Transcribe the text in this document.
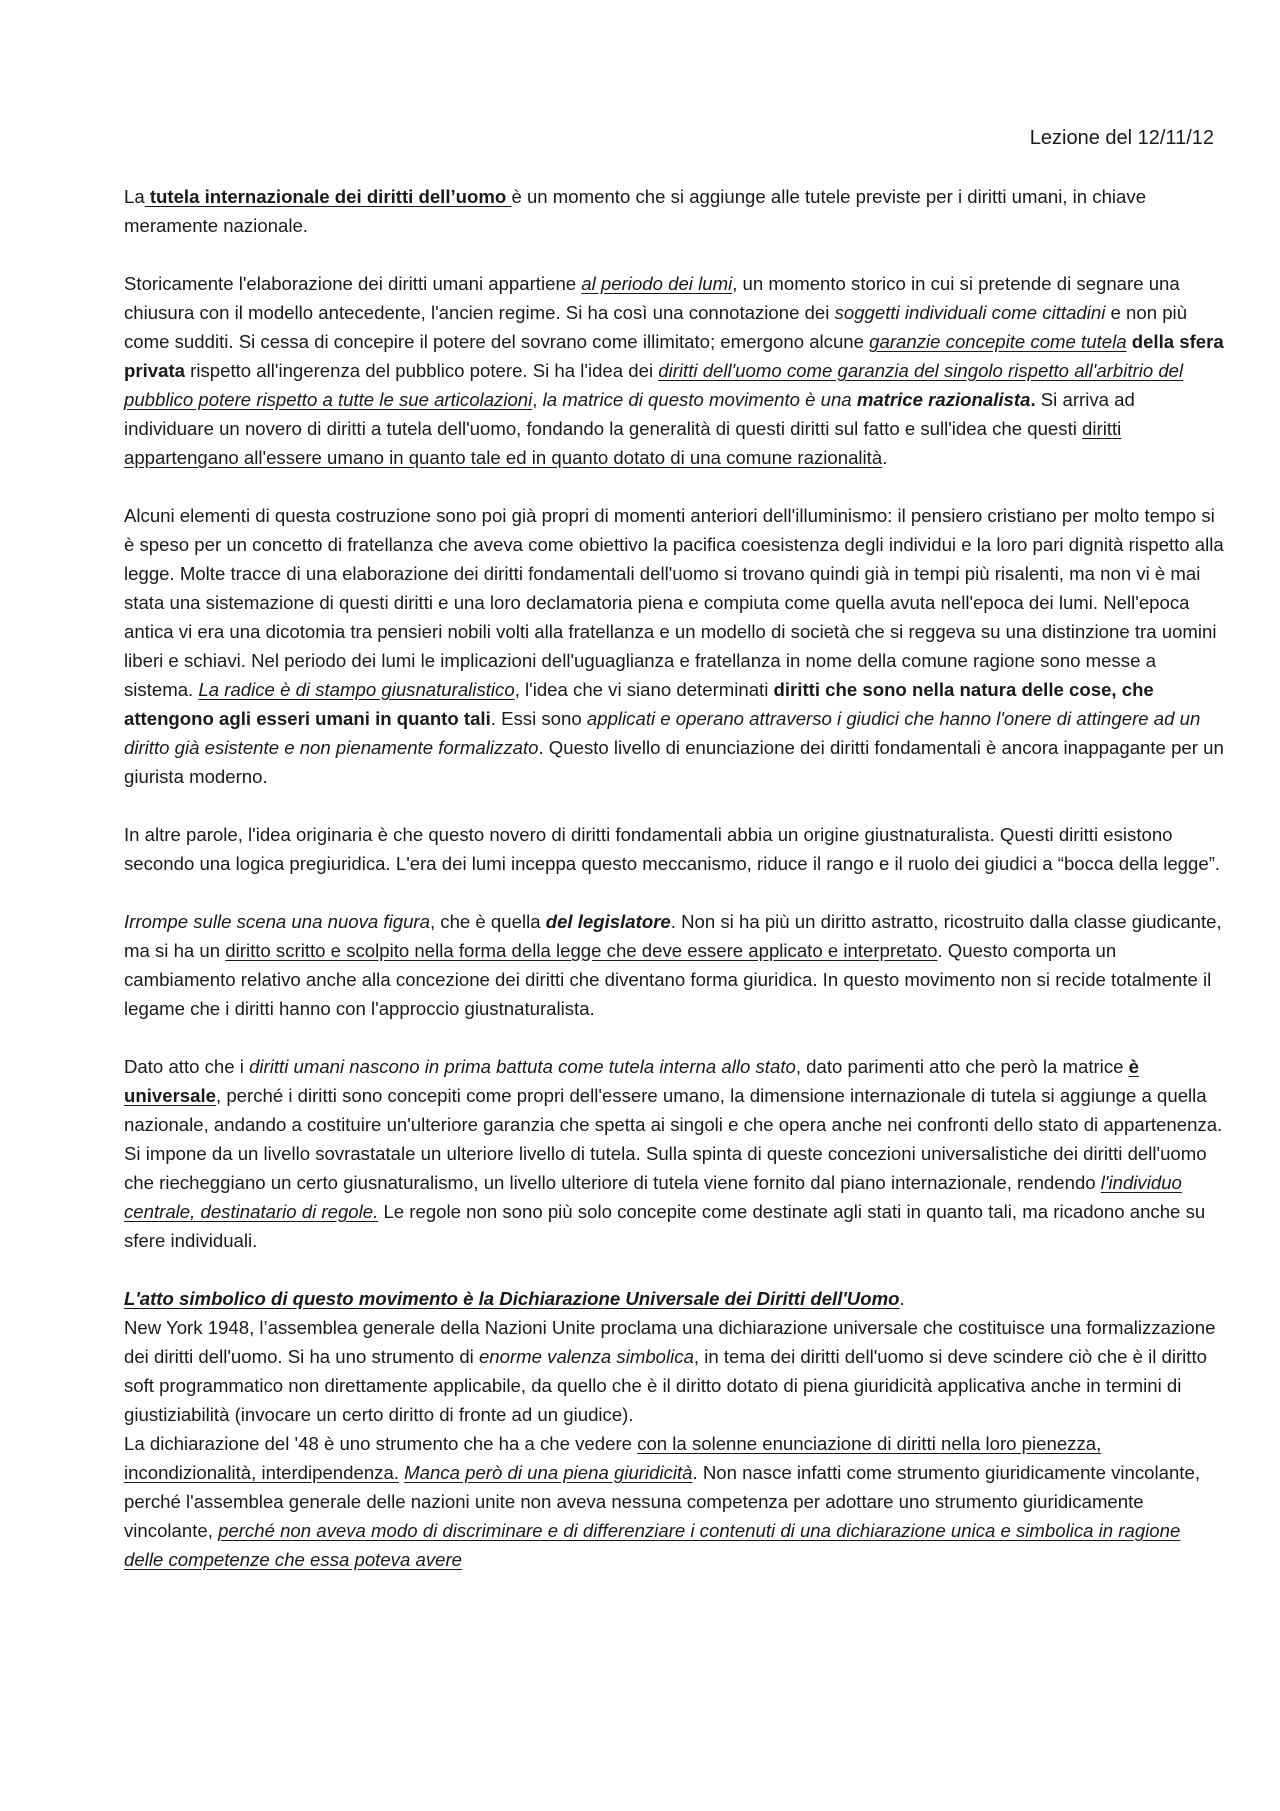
Lezione del 12/11/12

La tutela internazionale dei diritti dell’uomo è un momento che si aggiunge alle tutele previste per i diritti umani, in chiave meramente nazionale.

Storicamente l'elaborazione dei diritti umani appartiene al periodo dei lumi, un momento storico in cui si pretende di segnare una chiusura con il modello antecedente, l'ancien regime. Si ha così una connotazione dei soggetti individuali come cittadini e non più come sudditi. Si cessa di concepire il potere del sovrano come illimitato; emergono alcune garanzie concepite come tutela della sfera privata rispetto all'ingerenza del pubblico potere. Si ha l'idea dei diritti dell'uomo come garanzia del singolo rispetto all'arbitrio del pubblico potere rispetto a tutte le sue articolazioni, la matrice di questo movimento è una matrice razionalista. Si arriva ad individuare un novero di diritti a tutela dell'uomo, fondando la generalità di questi diritti sul fatto e sull'idea che questi diritti appartengano all'essere umano in quanto tale ed in quanto dotato di una comune razionalità.

Alcuni elementi di questa costruzione sono poi già propri di momenti anteriori dell'illuminismo: il pensiero cristiano per molto tempo si è speso per un concetto di fratellanza che aveva come obiettivo la pacifica coesistenza degli individui e la loro pari dignità rispetto alla legge. Molte tracce di una elaborazione dei diritti fondamentali dell'uomo si trovano quindi già in tempi più risalenti, ma non vi è mai stata una sistemazione di questi diritti e una loro declamatoria piena e compiuta come quella avuta nell'epoca dei lumi. Nell'epoca antica vi era una dicotomia tra pensieri nobili volti alla fratellanza e un modello di società che si reggeva su una distinzione tra uomini liberi e schiavi. Nel periodo dei lumi le implicazioni dell'uguaglianza e fratellanza in nome della comune ragione sono messe a sistema. La radice è di stampo giusnaturalistico, l'idea che vi siano determinati diritti che sono nella natura delle cose, che attengono agli esseri umani in quanto tali. Essi sono applicati e operano attraverso i giudici che hanno l'onere di attingere ad un diritto già esistente e non pienamente formalizzato. Questo livello di enunciazione dei diritti fondamentali è ancora inappagante per un giurista moderno.

In altre parole, l'idea originaria è che questo novero di diritti fondamentali abbia un origine giustnaturalista. Questi diritti esistono secondo una logica pregiuridica. L'era dei lumi inceppa questo meccanismo, riduce il rango e il ruolo dei giudici a “bocca della legge”.

Irrompe sulle scena una nuova figura, che è quella del legislatore. Non si ha più un diritto astratto, ricostruito dalla classe giudicante, ma si ha un diritto scritto e scolpito nella forma della legge che deve essere applicato e interpretato. Questo comporta un cambiamento relativo anche alla concezione dei diritti che diventano forma giuridica. In questo movimento non si recide totalmente il legame che i diritti hanno con l'approccio giustnaturalista.

Dato atto che i diritti umani nascono in prima battuta come tutela interna allo stato, dato parimenti atto che però la matrice è universale, perché i diritti sono concepiti come propri dell'essere umano, la dimensione internazionale di tutela si aggiunge a quella nazionale, andando a costituire un'ulteriore garanzia che spetta ai singoli e che opera anche nei confronti dello stato di appartenenza. Si impone da un livello sovrastatale un ulteriore livello di tutela. Sulla spinta di queste concezioni universalistiche dei diritti dell'uomo che riecheggiano un certo giusnaturalismo, un livello ulteriore di tutela viene fornito dal piano internazionale, rendendo l'individuo centrale, destinatario di regole. Le regole non sono più solo concepite come destinate agli stati in quanto tali, ma ricadono anche su sfere individuali.

L'atto simbolico di questo movimento è la Dichiarazione Universale dei Diritti dell'Uomo.

New York 1948, l’assemblea generale della Nazioni Unite proclama una dichiarazione universale che costituisce una formalizzazione dei diritti dell'uomo. Si ha uno strumento di enorme valenza simbolica, in tema dei diritti dell'uomo si deve scindere ciò che è il diritto soft programmatico non direttamente applicabile, da quello che è il diritto dotato di piena giuridicità applicativa anche in termini di giustiziabilità (invocare un certo diritto di fronte ad un giudice).

La dichiarazione del '48 è uno strumento che ha a che vedere con la solenne enunciazione di diritti nella loro pienezza, incondizionalità, interdipendenza. Manca però di una piena giuridicità. Non nasce infatti come strumento giuridicamente vincolante, perché l'assemblea generale delle nazioni unite non aveva nessuna competenza per adottare uno strumento giuridicamente vincolante, perché non aveva modo di discriminare e di differenziare i contenuti di una dichiarazione unica e simbolica in ragione delle competenze che essa poteva avere
